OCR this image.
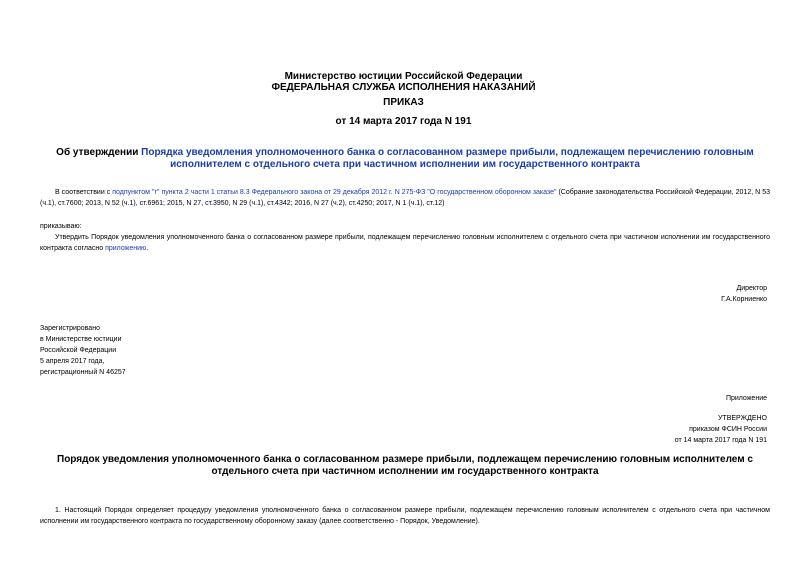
Министерство юстиции Российской Федерации
ФЕДЕРАЛЬНАЯ СЛУЖБА ИСПОЛНЕНИЯ НАКАЗАНИЙ
ПРИКАЗ
от 14 марта 2017 года N 191
Об утверждении Порядка уведомления уполномоченного банка о согласованном размере прибыли, подлежащем перечислению головным исполнителем с отдельного счета при частичном исполнении им государственного контракта
В соответствии с подпунктом "г" пункта 2 части 1 статьи 8.3 Федерального закона от 29 декабря 2012 г. N 275-ФЗ "О государственном оборонном заказе" (Собрание законодательства Российской Федерации, 2012, N 53 (ч.1), ст.7600; 2013, N 52 (ч.1), ст.6961; 2015, N 27, ст.3950, N 29 (ч.1), ст.4342; 2016, N 27 (ч.2), ст.4250; 2017, N 1 (ч.1), ст.12)
приказываю:
Утвердить Порядок уведомления уполномоченного банка о согласованном размере прибыли, подлежащем перечислению головным исполнителем с отдельного счета при частичном исполнении им государственного контракта согласно приложению.
Директор
Г.А.Корниенко
Зарегистрировано
в Министерстве юстиции
Российской Федерации
5 апреля 2017 года,
регистрационный N 46257
Приложение
УТВЕРЖДЕНО
приказом ФСИН России
от 14 марта 2017 года N 191
Порядок уведомления уполномоченного банка о согласованном размере прибыли, подлежащем перечислению головным исполнителем с отдельного счета при частичном исполнении им государственного контракта
1. Настоящий Порядок определяет процедуру уведомления уполномоченного банка о согласованном размере прибыли, подлежащем перечислению головным исполнителем с отдельного счета при частичном исполнении им государственного контракта по государственному оборонному заказу (далее соответственно - Порядок, Уведомление).
